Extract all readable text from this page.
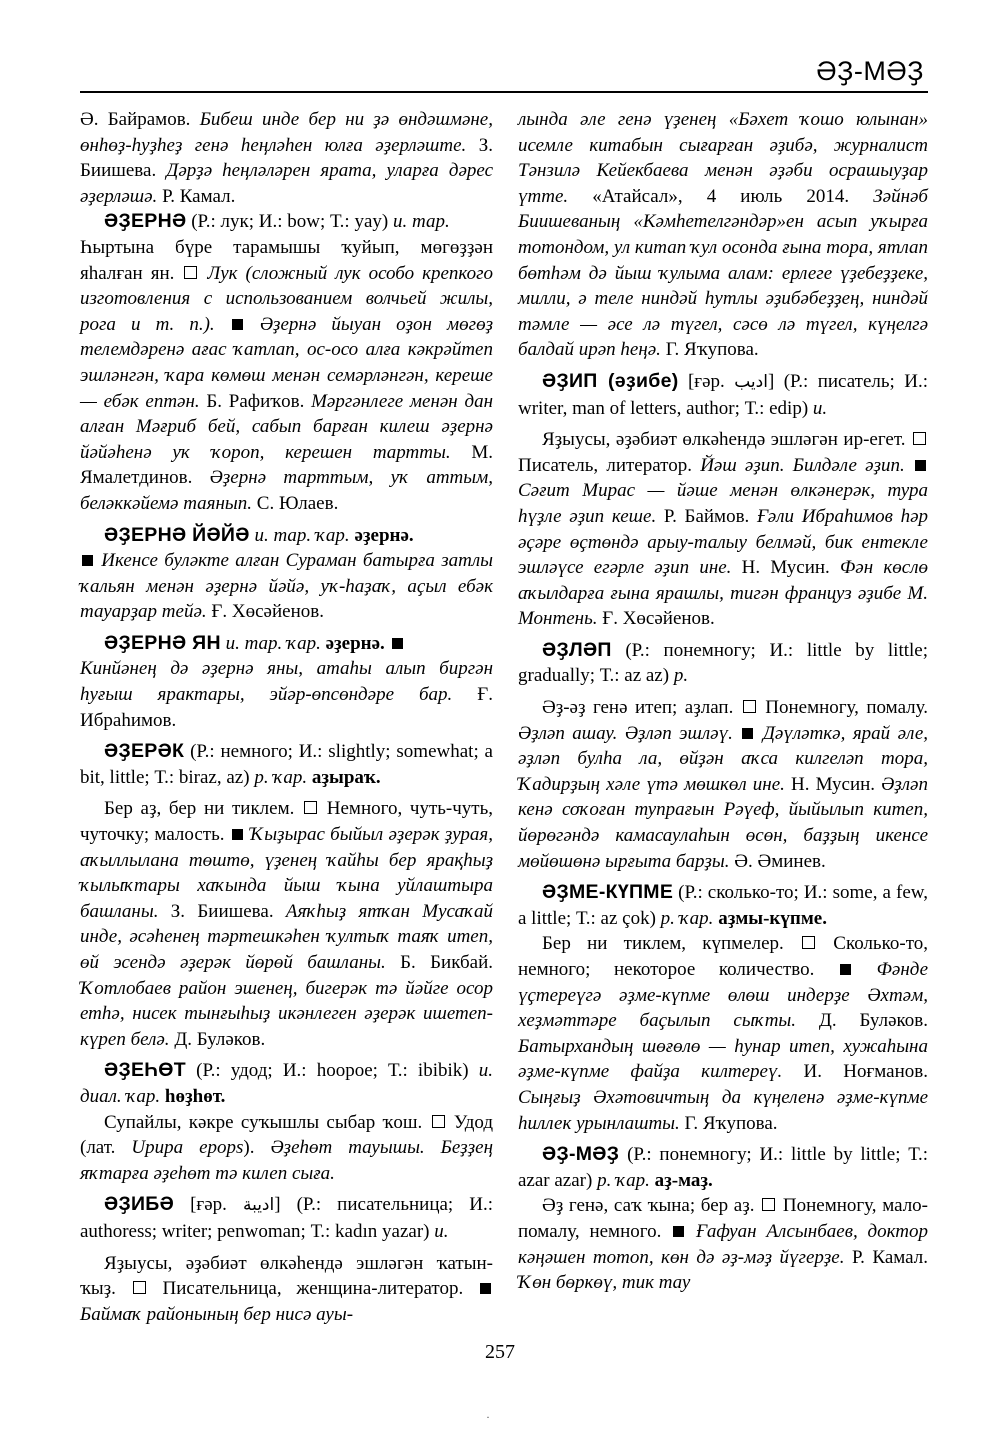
ӘҘ-МӘҘ

Ә. Байрамов. Бибеш инде бер ни ҙә өндәшмәне, өнһөҙ-һуҙһеҙ генә һеңләһен юлға әҙерләште. З. Биишева. Дәрҙә һеңләләрен ярата, уларға дәрес әҙерләшә. Р. Камал.

ӘҘЕРНӘ (Р.: лук; И.: bow; Т.: yay) и. тар.
Һыртына бүре тарамышы ҡуйып, мөгөҙҙән яһалған ян.  Лук (сложный лук особо крепкого изготовления с использованием волчьей жилы, рога и т. п.). Әҙернә йыуан оҙон мөгөҙ телемдәренә ағас ҡатлап, ос-осо алға кәкрәйтеп эшләнгән, ҡара көмөш менән семәрләнгән, кереше — ебәк ептән. Б. Рафиҡов. Мәргәнлеге менән дан алған Мәғриб бей, сабып барған килеш әҙернә йәйәһенә уҡ ҡороп, керешен тартты. М. Ямалетдинов. Әҙернә тарттым, уҡ аттым, беләккәйемә таянып. С. Юлаев.

ӘҘЕРНӘ ЙӘЙӘ и. тар. ҡар. әҙернә.
Икенсе буләкте алған Сураман батырға затлы ҡальян менән әҙернә йәйә, уҡ-һаҙаҡ, аҫыл ебәк тауарҙар тейә. Ғ. Хөсәйенов.

ӘҘЕРНӘ ЯН и. тар. ҡар. әҙернә.
Кинйәнең дә әҙернә яны, атаһы алып биргән һуғыш ярактары, эйәр-өпсөндәре бар. Ғ. Ибраһимов.

ӘҘЕРӘК (Р.: немного; И.: slightly; somewhat; a bit, little; Т.: biraz, az) р. ҡар. аҙыраҡ.

Бер аҙ, бер ни тиклем.  Немного, чуть-чуть, чуточку; малость. Ҡыҙырас быйыл әҙерәк ҙурая, аҡыллылана төштө, үҙенең ҡайһы бер ярақһыҙ ҡылыҡтары хаҡында йыш ҡына уйлаштыра башланы. З. Биишева. Аяҡһыҙ ятҡан Мусаҡай инде, әсәһенең тәртешкәһен ҡултыҡ таяҡ итеп, өй эсендә әҙерәк йөрөй башланы. Б. Бикбай. Ҡотлобаев район эшенең, бигерәк тә йәйге осор етһә, нисек тынғыһыҙ икәнлеген әҙерәк ишетеп-күреп белә. Д. Буләков.

ӘҘЕҺӨТ (Р.: удод; И.: hoopoe; Т.: ibibik) и. диал. ҡар. һөҙһөт.

Супайлы, кәкре суҡышлы сыбар ҡош.  Удод (лат. Upupa epops). Әҙеһөт тауышы. Беҙҙең яҡтарға әҙеһөт тә килеп сыға.

ӘҘИБӘ [ғәр. اديبة] (Р.: писательница; И.: authoress; writer; penwoman; Т.: kadın yazar) и.

Яҙыусы, әҙәбиәт өлкәһендә эшләгән ҡатын-ҡыҙ.  Писательница, женщина-литератор.  Баймаҡ районының бер нисә ауы-

лында әле генә үҙенең «Бәхет ҡошо юлынан» исемле китабын сығарған әҙибә, журналист Тәнзилә Кейекбаева менән әҙәби осрашыуҙар үтте. «Атайсал», 4 июль 2014. Зәйнәб Биишеваның «Кәмһетелгәндәр»ен асып уҡырға тотондом, ул китап ҡул осонда ғына тора, ятлап бөтһәм дә йыш ҡулыма алам: ерлеге үҙебеҙҙеке, милли, ә теле ниндәй һутлы әҙибәбеҙҙең, ниндәй тәмле — әсе лә түгел, сәсө лә түгел, күңелгә балдай ирәп һеңә. Г. Яҡупова.

ӘҘИП (әҙибе) [ғәр. اديب] (Р.: писатель; И.: writer, man of letters, author; Т.: edip) и.

Яҙыусы, әҙәбиәт өлкәһендә эшләгән ир-егет.  Писатель, литератор. Йәш әҙип. Билдәле әҙип.  Сәғит Мирас — йәше менән өлкәнерәк, тура һүҙле әҙип кеше. Р. Баймов. Ғәли Ибраһимов һәр әҫәре өҫтөндә арыу-талыу белмәй, бик ентекле эшләүсе егәрле әҙип ине. Н. Мусин. Фән көслө аҡылдарға ғына ярашлы, тигән француз әҙибе М. Монтень. Ғ. Хөсәйенов.

ӘҘЛӘП (Р.: понемногу; И.: little by little; gradually; Т.: az az) р.

Әҙ-әҙ генә итеп; аҙлап.  Понемногу, помалу. Әҙләп ашау. Әҙләп эшләү. Дәүләткә, ярай әле, әҙләп булһа ла, өйҙән аҡса килгеләп тора, Ҡадирҙың хәле үтә мөшкөл ине. Н. Мусин. Әҙләп кенә соҡоған тупрағын Рәүеф, йыйылып китеп, йөрөгәндә камасаулаһын өсөн, баҙҙың икенсе мөйөшөнә ырғыта барҙы. Ә. Әминев.

ӘҘМЕ-КҮПМЕ (Р.: сколько-то; И.: some, a few, a little; Т.: az çok) р. ҡар. аҙмы-күпме.

Бер ни тиклем, күпмелер.  Сколько-то, немного; некоторое количество.	Фәнде үҫтереүгә әҙме-күпме өлөш индерҙе Әхтәм, хеҙмәттәре баҫылып сыҡты. Д. Буләков. Батырхандың шөғөлө — һунар итеп, хужаһына әҙме-күпме файҙа килтереү. И. Ноғманов. Сыңғыҙ Әхәтовичтың да күңеленә әҙме-күпме һиллек урынлашты. Г. Яҡупова.

ӘҘ-МӘҘ (Р.: понемногу; И.: little by little; Т.: azar azar) р. ҡар. аҙ-маҙ.

Әҙ генә, саҡ ҡына; бер аҙ.  Понемногу, мало-помалу, немного. Ғафуан Алсынбаев, доктор кәңәшен тотоп, көн дә әҙ-мәҙ йүгерҙе. Р. Камал. Ҡөн бөркөү, тик тау

257
·
